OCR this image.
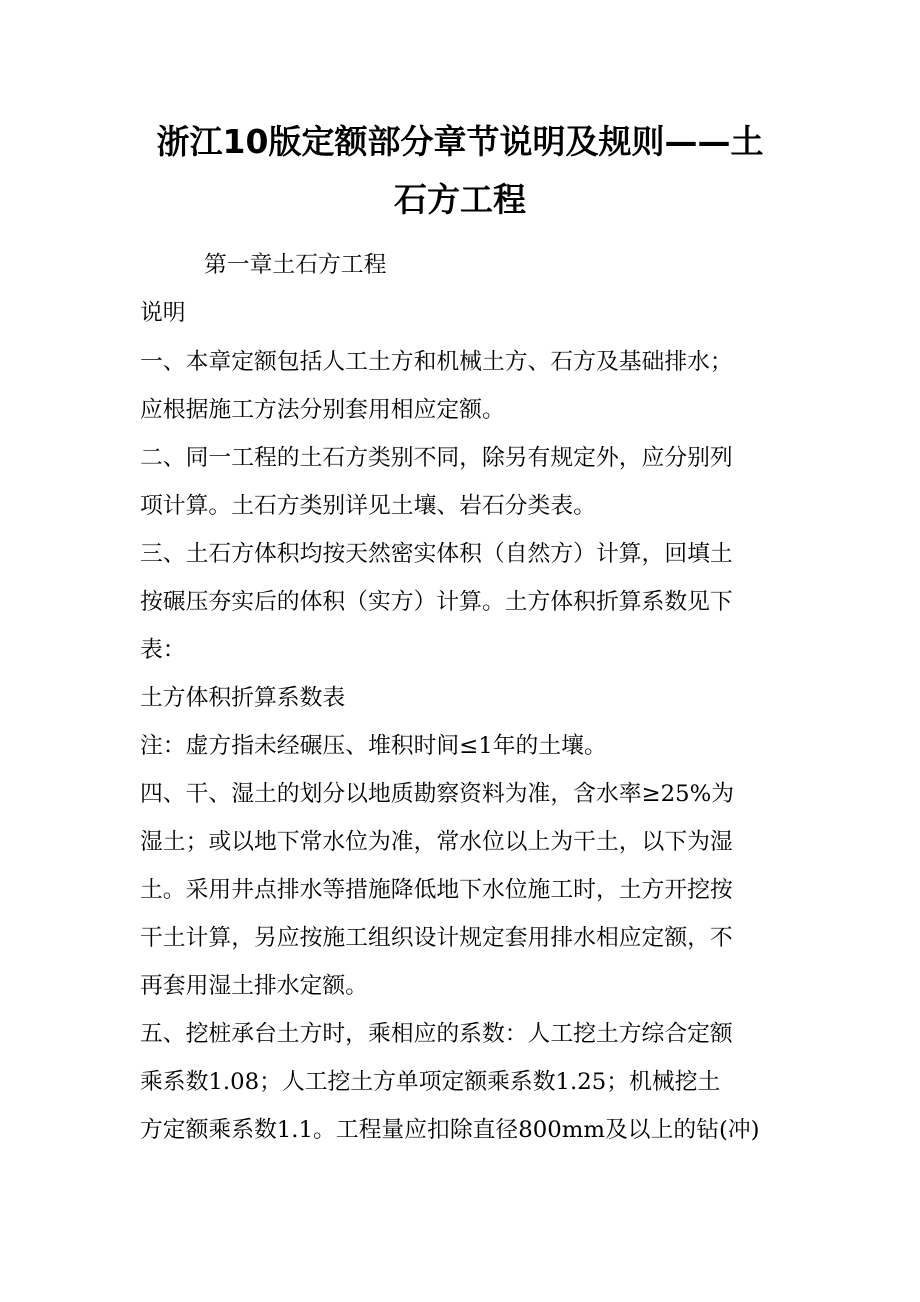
浙江10版定额部分章节说明及规则——土
石方工程

第一章土石方工程

说明

一、本章定额包括人工土方和机械土方、石方及基础排水；

应根据施工方法分别套用相应定额。

二、同一工程的土石方类别不同，除另有规定外，应分别列

项计算。土石方类别详见土壤、岩石分类表。

三、土石方体积均按天然密实体积（自然方）计算，回填土

按碾压夯实后的体积（实方）计算。土方体积折算系数见下

表：

土方体积折算系数表

注：虚方指未经碾压、堆积时间≤1年的土壤。

四、干、湿土的划分以地质勘察资料为准，含水率≥25%为

湿土；或以地下常水位为准，常水位以上为干土，以下为湿

土。采用井点排水等措施降低地下水位施工时，土方开挖按

干土计算，另应按施工组织设计规定套用排水相应定额，不

再套用湿土排水定额。

五、挖桩承台土方时，乘相应的系数：人工挖土方综合定额

乘系数1.08；人工挖土方单项定额乘系数1.25；机械挖土

方定额乘系数1.1。工程量应扣除直径800mm及以上的钻(冲)
